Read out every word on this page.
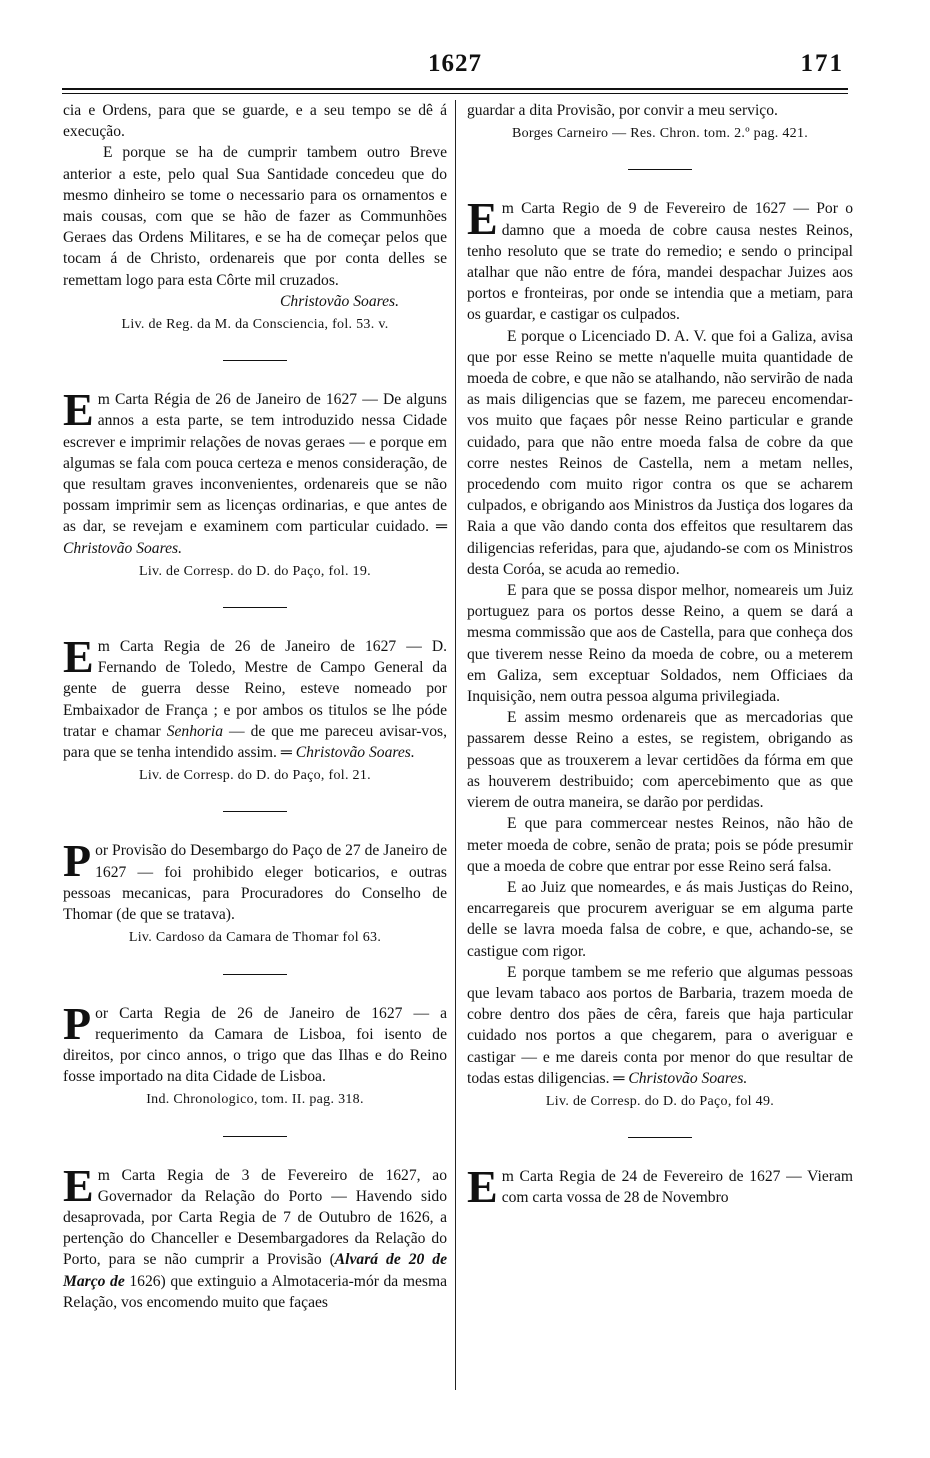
1627	171

cia e Ordens, para que se guarde, e a seu tempo se dê á execução.

E porque se ha de cumprir tambem outro Breve anterior a este, pelo qual Sua Santidade concedeu que do mesmo dinheiro se tome o necessario para os ornamentos e mais cousas, com que se hão de fazer as Communhões Geraes das Ordens Militares, e se ha de começar pelos que tocam á de Christo, ordenareis que por conta delles se remettam logo para esta Côrte mil cruzados.

Christovão Soares.

Liv. de Reg. da M. da Consciencia, fol. 53. v.

Em Carta Régia de 26 de Janeiro de 1627 — De alguns annos a esta parte, se tem introduzido nessa Cidade escrever e imprimir relações de novas geraes — e porque em algumas se fala com pouca certeza e menos consideração, de que resultam graves inconvenientes, ordenareis que se não possam imprimir sem as licenças ordinarias, e que antes de as dar, se revejam e examinem com particular cuidado. ═ Christovão Soares.

Liv. de Corresp. do D. do Paço, fol. 19.

Em Carta Regia de 26 de Janeiro de 1627 — D. Fernando de Toledo, Mestre de Campo General da gente de guerra desse Reino, esteve nomeado por Embaixador de França ; e por ambos os titulos se lhe póde tratar e chamar Senhoria — de que me pareceu avisar-vos, para que se tenha intendido assim. ═ Christovão Soares.

Liv. de Corresp. do D. do Paço, fol. 21.

Por Provisão do Desembargo do Paço de 27 de Janeiro de 1627 — foi prohibido eleger boticarios, e outras pessoas mecanicas, para Procuradores do Conselho de Thomar (de que se tratava).

Liv. Cardoso da Camara de Thomar fol 63.

Por Carta Regia de 26 de Janeiro de 1627 — a requerimento da Camara de Lisboa, foi isento de direitos, por cinco annos, o trigo que das Ilhas e do Reino fosse importado na dita Cidade de Lisboa.

Ind. Chronologico, tom. II. pag. 318.

Em Carta Regia de 3 de Fevereiro de 1627, ao Governador da Relação do Porto — Havendo sido desaprovada, por Carta Regia de 7 de Outubro de 1626, a pertenção do Chanceller e Desembargadores da Relação do Porto, para se não cumprir a Provisão (Alvará de 20 de Março de 1626) que extinguio a Almotaceria-mór da mesma Relação, vos encomendo muito que façaes

guardar a dita Provisão, por convir a meu serviço.

Borges Carneiro — Res. Chron. tom. 2.º pag. 421.

Em Carta Regio de 9 de Fevereiro de 1627 — Por o damno que a moeda de cobre causa nestes Reinos, tenho resoluto que se trate do remedio; e sendo o principal atalhar que não entre de fóra, mandei despachar Juizes aos portos e fronteiras, por onde se intendia que a metiam, para os guardar, e castigar os culpados.

E porque o Licenciado D. A. V. que foi a Galiza, avisa que por esse Reino se mette n'aquelle muita quantidade de moeda de cobre, e que não se atalhando, não servirão de nada as mais diligencias que se fazem, me pareceu encomendar-vos muito que façaes pôr nesse Reino particular e grande cuidado, para que não entre moeda falsa de cobre da que corre nestes Reinos de Castella, nem a metam nelles, procedendo com muito rigor contra os que se acharem culpados, e obrigando aos Ministros da Justiça dos logares da Raia a que vão dando conta dos effeitos que resultarem das diligencias referidas, para que, ajudando-se com os Ministros desta Coróa, se acuda ao remedio.

E para que se possa dispor melhor, nomeareis um Juiz portuguez para os portos desse Reino, a quem se dará a mesma commissão que aos de Castella, para que conheça dos que tiverem nesse Reino da moeda de cobre, ou a meterem em Galiza, sem exceptuar Soldados, nem Officiaes da Inquisição, nem outra pessoa alguma privilegiada.

E assim mesmo ordenareis que as mercadorias que passarem desse Reino a estes, se registem, obrigando as pessoas que as trouxerem a levar certidões da fórma em que as houverem destribuido; com apercebimento que as que vierem de outra maneira, se darão por perdidas.

E que para commercear nestes Reinos, não hão de meter moeda de cobre, senão de prata; pois se póde presumir que a moeda de cobre que entrar por esse Reino será falsa.

E ao Juiz que nomeardes, e ás mais Justiças do Reino, encarregareis que procurem averiguar se em alguma parte delle se lavra moeda falsa de cobre, e que, achando-se, se castigue com rigor.

E porque tambem se me referio que algumas pessoas que levam tabaco aos portos de Barbaria, trazem moeda de cobre dentro dos pães de cêra, fareis que haja particular cuidado nos portos a que chegarem, para o averiguar e castigar — e me dareis conta por menor do que resultar de todas estas diligencias. ═ Christovão Soares.

Liv. de Corresp. do D. do Paço, fol 49.

Em Carta Regia de 24 de Fevereiro de 1627 — Vieram com carta vossa de 28 de Novembro
